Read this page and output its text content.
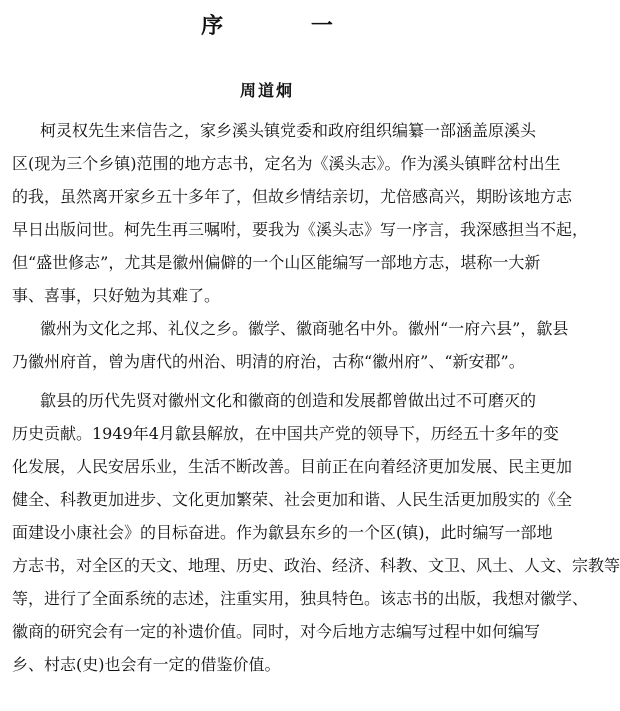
序 一
周道炯
柯灵权先生来信告之，家乡溪头镇党委和政府组织编纂一部涵盖原溪头
区(现为三个乡镇)范围的地方志书，定名为《溪头志》。作为溪头镇畔岔村出生
的我，虽然离开家乡五十多年了，但故乡情结亲切，尤倍感高兴，期盼该地方志
早日出版问世。柯先生再三嘱咐，要我为《溪头志》写一序言，我深感担当不起，
但“盛世修志”，尤其是徽州偏僻的一个山区能编写一部地方志，堪称一大新
事、喜事，只好勉为其难了。
徽州为文化之邦、礼仪之乡。徽学、徽商驰名中外。徽州“一府六县”，歙县
乃徽州府首，曾为唐代的州治、明清的府治，古称“徽州府”、“新安郡”。
歙县的历代先贤对徽州文化和徽商的创造和发展都曾做出过不可磨灭的
历史贡献。1949年4月歙县解放，在中国共产党的领导下，历经五十多年的变
化发展，人民安居乐业，生活不断改善。目前正在向着经济更加发展、民主更加
健全、科教更加进步、文化更加繁荣、社会更加和谐、人民生活更加殷实的《全
面建设小康社会》的目标奋进。作为歙县东乡的一个区(镇)，此时编写一部地
方志书，对全区的天文、地理、历史、政治、经济、科教、文卫、风土、人文、宗教等
等，进行了全面系统的志述，注重实用，独具特色。该志书的出版，我想对徽学、
徽商的研究会有一定的补遗价值。同时，对今后地方志编写过程中如何编写
乡、村志(史)也会有一定的借鉴价值。
